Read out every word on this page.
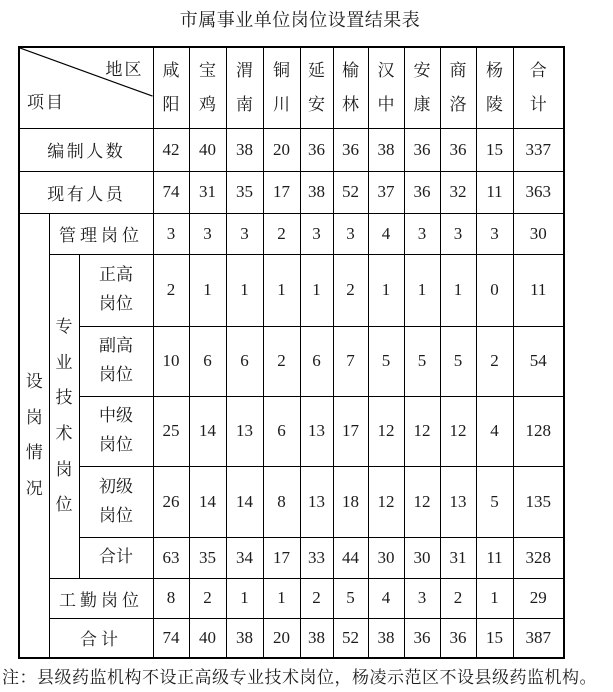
市属事业单位岗位设置结果表
地区
项目			咸阳	宝鸡	渭南	铜川	延安	榆林	汉中	安康	商洛	杨陵	合计
编制人数			42	40	38	20	36	36	38	36	36	15	337
现有人员			74	31	35	17	38	52	37	36	32	11	363
设岗情况	管理岗位		3	3	3	2	3	3	4	3	3	3	30
	专业技术岗位	正高岗位	2	1	1	1	1	2	1	1	1	0	11
		副高岗位	10	6	6	2	6	7	5	5	5	2	54
		中级岗位	25	14	13	6	13	17	12	12	12	4	128
		初级岗位	26	14	14	8	13	18	12	12	13	5	135
		合计	63	35	34	17	33	44	30	30	31	11	328
	工勤岗位		8	2	1	1	2	5	4	3	2	1	29
	合计		74	40	38	20	38	52	38	36	36	15	387
注：县级药监机构不设正高级专业技术岗位，杨凌示范区不设县级药监机构。
